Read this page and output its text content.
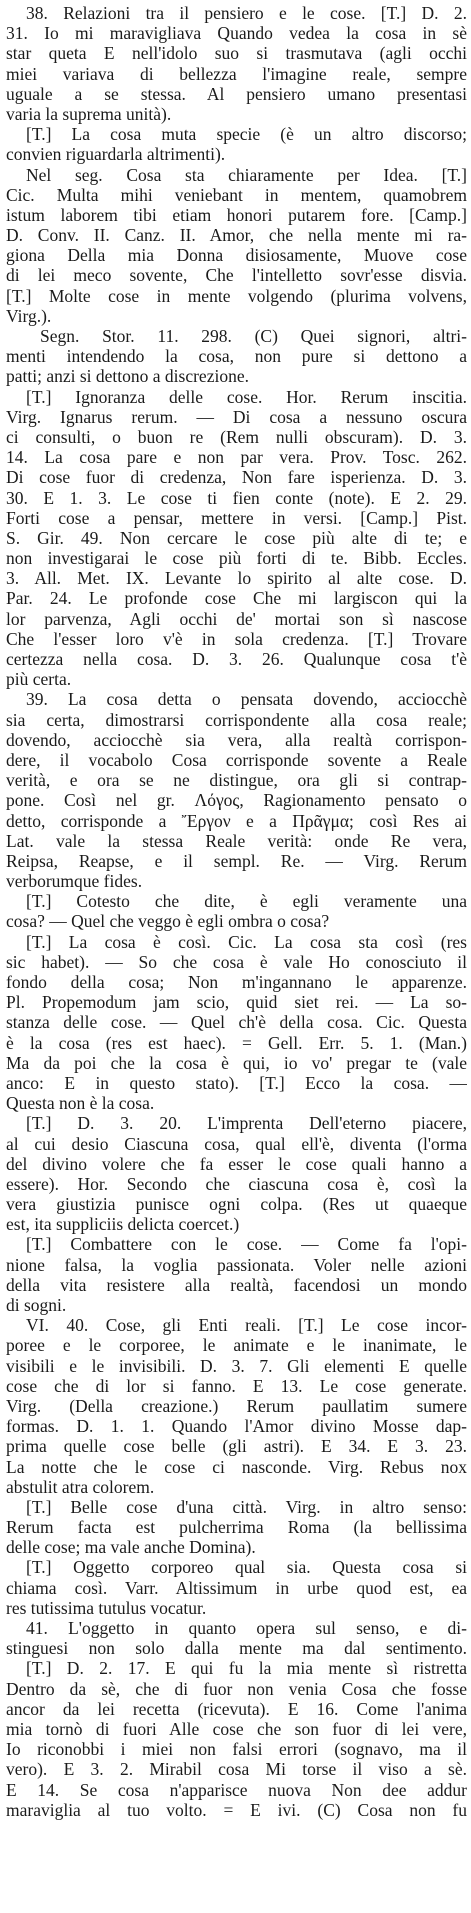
38. Relazioni tra il pensiero e le cose. [T.] D. 2.
31. Io mi maravigliava Quando vedea la cosa in sè
star queta E nell'idolo suo si trasmutava (agli occhi
miei variava di bellezza l'imagine reale, sempre
uguale a se stessa. Al pensiero umano presentasi
varia la suprema unità).
[T.] La cosa muta specie (è un altro discorso;
convien riguardarla altrimenti).
Nel seg. Cosa sta chiaramente per Idea. [T.]
Cic. Multa mihi veniebant in mentem, quamobrem
istum laborem tibi etiam honori putarem fore. [Camp.]
D. Conv. II. Canz. II. Amor, che nella mente mi ra-
giona Della mia Donna disiosamente, Muove cose
di lei meco sovente, Che l'intelletto sovr'esse disvia.
[T.] Molte cose in mente volgendo (plurima volvens,
Virg.).
Segn. Stor. 11. 298. (C) Quei signori, altri-
menti intendendo la cosa, non pure si dettono a
patti; anzi si dettono a discrezione.
[T.] Ignoranza delle cose. Hor. Rerum inscitia.
Virg. Ignarus rerum. — Di cosa a nessuno oscura
ci consulti, o buon re (Rem nulli obscuram). D. 3.
14. La cosa pare e non par vera. Prov. Tosc. 262.
Di cose fuor di credenza, Non fare isperienza. D. 3.
30. E 1. 3. Le cose ti fien conte (note). E 2. 29.
Forti cose a pensar, mettere in versi. [Camp.] Pist.
S. Gir. 49. Non cercare le cose più alte di te; e
non investigarai le cose più forti di te. Bibb. Eccles.
3. All. Met. IX. Levante lo spirito al alte cose. D.
Par. 24. Le profonde cose Che mi largiscon qui la
lor parvenza, Agli occhi de' mortai son sì nascose
Che l'esser loro v'è in sola credenza. [T.] Trovare
certezza nella cosa. D. 3. 26. Qualunque cosa t'è
più certa.
39. La cosa detta o pensata dovendo, acciocchè
sia certa, dimostrarsi corrispondente alla cosa reale;
dovendo, acciocchè sia vera, alla realtà corrispon-
dere, il vocabolo Cosa corrisponde sovente a Reale
verità, e ora se ne distingue, ora gli si contrap-
pone. Così nel gr. Λόγος, Ragionamento pensato o
detto, corrisponde a Ἔργον e a Πρᾶγμα; così Res ai
Lat. vale la stessa Reale verità: onde Re vera,
Reipsa, Reapse, e il sempl. Re. — Virg. Rerum
verborumque fides.
[T.] Cotesto che dite, è egli veramente una
cosa? — Quel che veggo è egli ombra o cosa?
[T.] La cosa è così. Cic. La cosa sta così (res
sic habet). — So che cosa è vale Ho conosciuto il
fondo della cosa; Non m'ingannano le apparenze.
Pl. Propemodum jam scio, quid siet rei. — La so-
stanza delle cose. — Quel ch'è della cosa. Cic. Questa
è la cosa (res est haec). = Gell. Err. 5. 1. (Man.)
Ma da poi che la cosa è qui, io vo' pregar te (vale
anco: E in questo stato). [T.] Ecco la cosa. —
Questa non è la cosa.
[T.] D. 3. 20. L'imprenta Dell'eterno piacere,
al cui desio Ciascuna cosa, qual ell'è, diventa (l'orma
del divino volere che fa esser le cose quali hanno a
essere). Hor. Secondo che ciascuna cosa è, così la
vera giustizia punisce ogni colpa. (Res ut quaeque
est, ita suppliciis delicta coercet.)
[T.] Combattere con le cose. — Come fa l'opi-
nione falsa, la voglia passionata. Voler nelle azioni
della vita resistere alla realtà, facendosi un mondo
di sogni.
VI. 40. Cose, gli Enti reali. [T.] Le cose incor-
poree e le corporee, le animate e le inanimate, le
visibili e le invisibili. D. 3. 7. Gli elementi E quelle
cose che di lor si fanno. E 13. Le cose generate.
Virg. (Della creazione.) Rerum paullatim sumere
formas. D. 1. 1. Quando l'Amor divino Mosse dap-
prima quelle cose belle (gli astri). E 34. E 3. 23.
La notte che le cose ci nasconde. Virg. Rebus nox
abstulit atra colorem.
[T.] Belle cose d'una città. Virg. in altro senso:
Rerum facta est pulcherrima Roma (la bellissima
delle cose; ma vale anche Domina).
[T.] Oggetto corporeo qual sia. Questa cosa si
chiama così. Varr. Altissimum in urbe quod est, ea
res tutissima tutulus vocatur.
41. L'oggetto in quanto opera sul senso, e di-
stinguesi non solo dalla mente ma dal sentimento.
[T.] D. 2. 17. E qui fu la mia mente sì ristretta
Dentro da sè, che di fuor non venia Cosa che fosse
ancor da lei recetta (ricevuta). E 16. Come l'anima
mia tornò di fuori Alle cose che son fuor di lei vere,
Io riconobbi i miei non falsi errori (sognavo, ma il
vero). E 3. 2. Mirabil cosa Mi torse il viso a sè.
E 14. Se cosa n'apparisce nuova Non dee addur
maraviglia al tuo volto. = E ivi. (C) Cosa non fu
